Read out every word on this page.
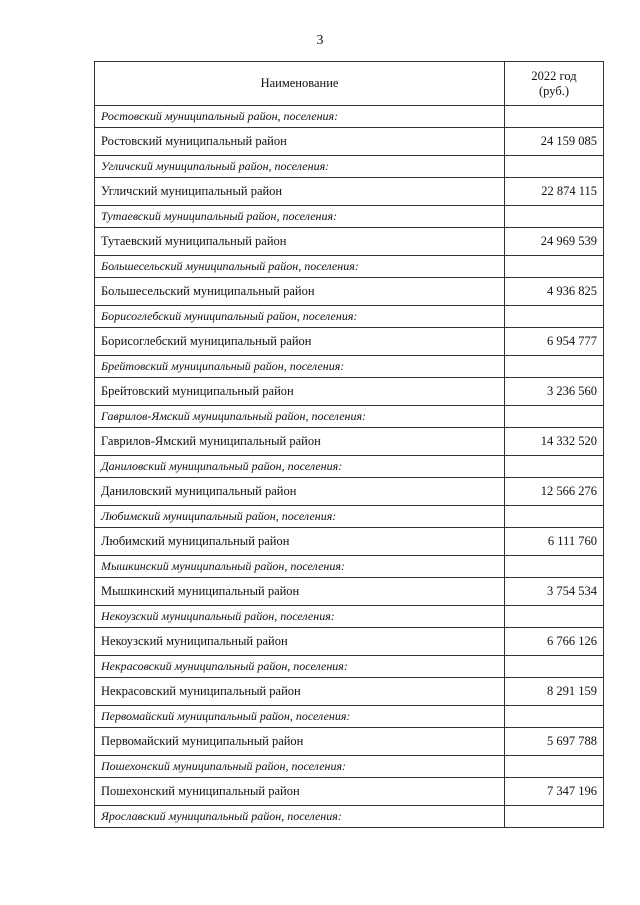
3
Наименование	2022 год
(руб.)
Ростовский муниципальный район, поселения:	
Ростовский муниципальный район	24 159 085
Угличский муниципальный район, поселения:	
Угличский муниципальный район	22 874 115
Тутаевский муниципальный район, поселения:	
Тутаевский муниципальный район	24 969 539
Большесельский муниципальный район, поселения:	
Большесельский муниципальный район	4 936 825
Борисоглебский муниципальный район, поселения:	
Борисоглебский муниципальный район	6 954 777
Брейтовский муниципальный район, поселения:	
Брейтовский муниципальный район	3 236 560
Гаврилов-Ямский муниципальный район, поселения:	
Гаврилов-Ямский муниципальный район	14 332 520
Даниловский муниципальный район, поселения:	
Даниловский муниципальный район	12 566 276
Любимский муниципальный район, поселения:	
Любимский муниципальный район	6 111 760
Мышкинский муниципальный район, поселения:	
Мышкинский муниципальный район	3 754 534
Некоузский муниципальный район, поселения:	
Некоузский муниципальный район	6 766 126
Некрасовский муниципальный район, поселения:	
Некрасовский муниципальный район	8 291 159
Первомайский муниципальный район, поселения:	
Первомайский муниципальный район	5 697 788
Пошехонский муниципальный район, поселения:	
Пошехонский муниципальный район	7 347 196
Ярославский муниципальный район, поселения:	
